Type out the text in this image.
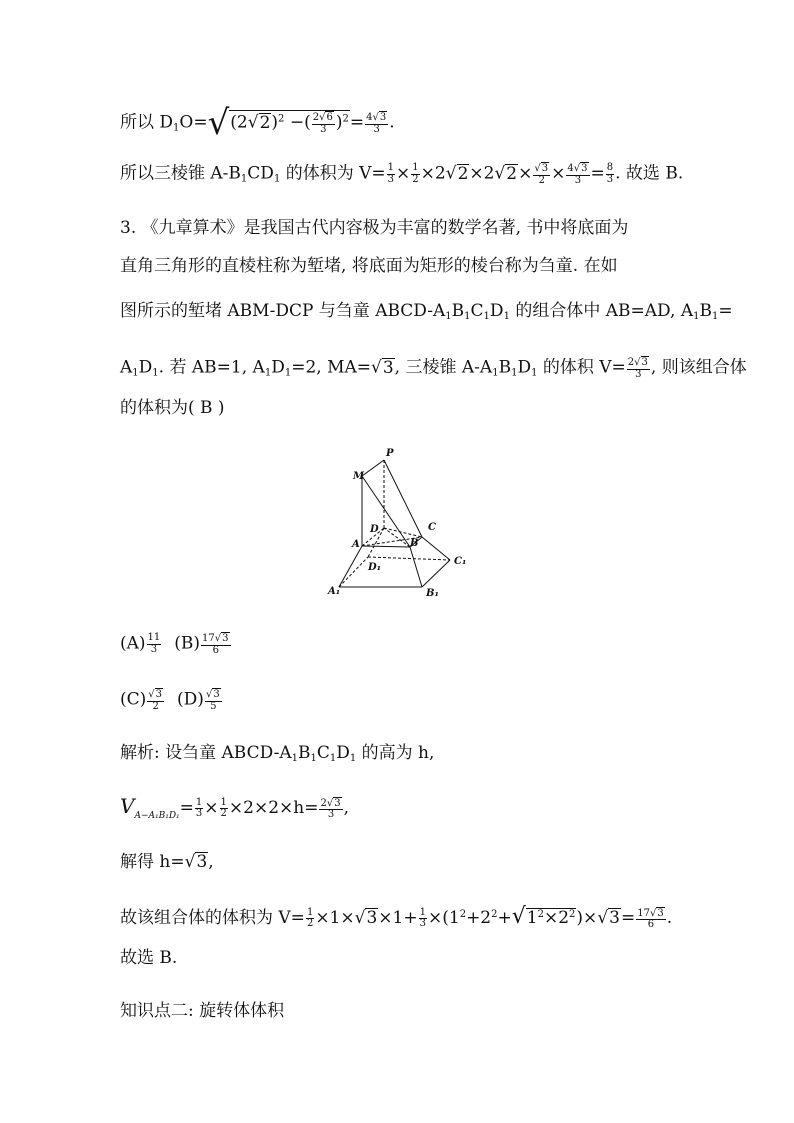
所以 $D_1O=√(2√2)^2$ −( $\frac{2√6}{3} )^2= \frac{4√3}{3}$ .
所以三棱锥 $A-B_1CD_1$ 的体积为 $V= \frac{1}{3} \times \frac{1}{2} \times 2√2\times 2√2\times \frac{√3}{2} \times \frac{4√3}{3} = \frac{8}{3}$ . 故选 B.
3. 《九章算术》是我国古代内容极为丰富的数学名著, 书中将底面为
直角三角形的直棱柱称为堑堵, 将底面为矩形的棱台称为刍童. 在如
图所示的堑堵 ABM-DCP 与刍童 ABCD-$A_1B_1C_1D_1$ 的组合体中 AB=AD, $A_1B_1=$
$A_1D_1$. 若 AB=1, $A_1D_1=2$, MA=√3, 三棱锥 $A-A_1B_1D_1$ 的体积 $V= \frac{2√3}{3}$ , 则该组合体
的体积为( B )
P
M
D	C
A	B
D₁
C₁
A₁	B₁
$(A) \frac{11}{3} (B) \frac{17√3}{6}$
$(C) \frac{√3}{2} (D) \frac{√3}{5}$
解析: 设刍童 ABCD-$A_1B_1C_1D_1$ 的高为 h,
$V_{A-A_1B_1D_1}= \frac{1}{3} \times \frac{1}{2} \times 2\times 2\times h= \frac{2√3}{3}$ ,
解得 h=√3,
故该组合体的体积为 $V= \frac{1}{2} \times 1\times√3\times 1+ \frac{1}{3} \times(1^2+2^2+√1^2\times 2^2)\times√3= \frac{17√3}{6}$ .
故选 B.
知识点二: 旋转体体积
